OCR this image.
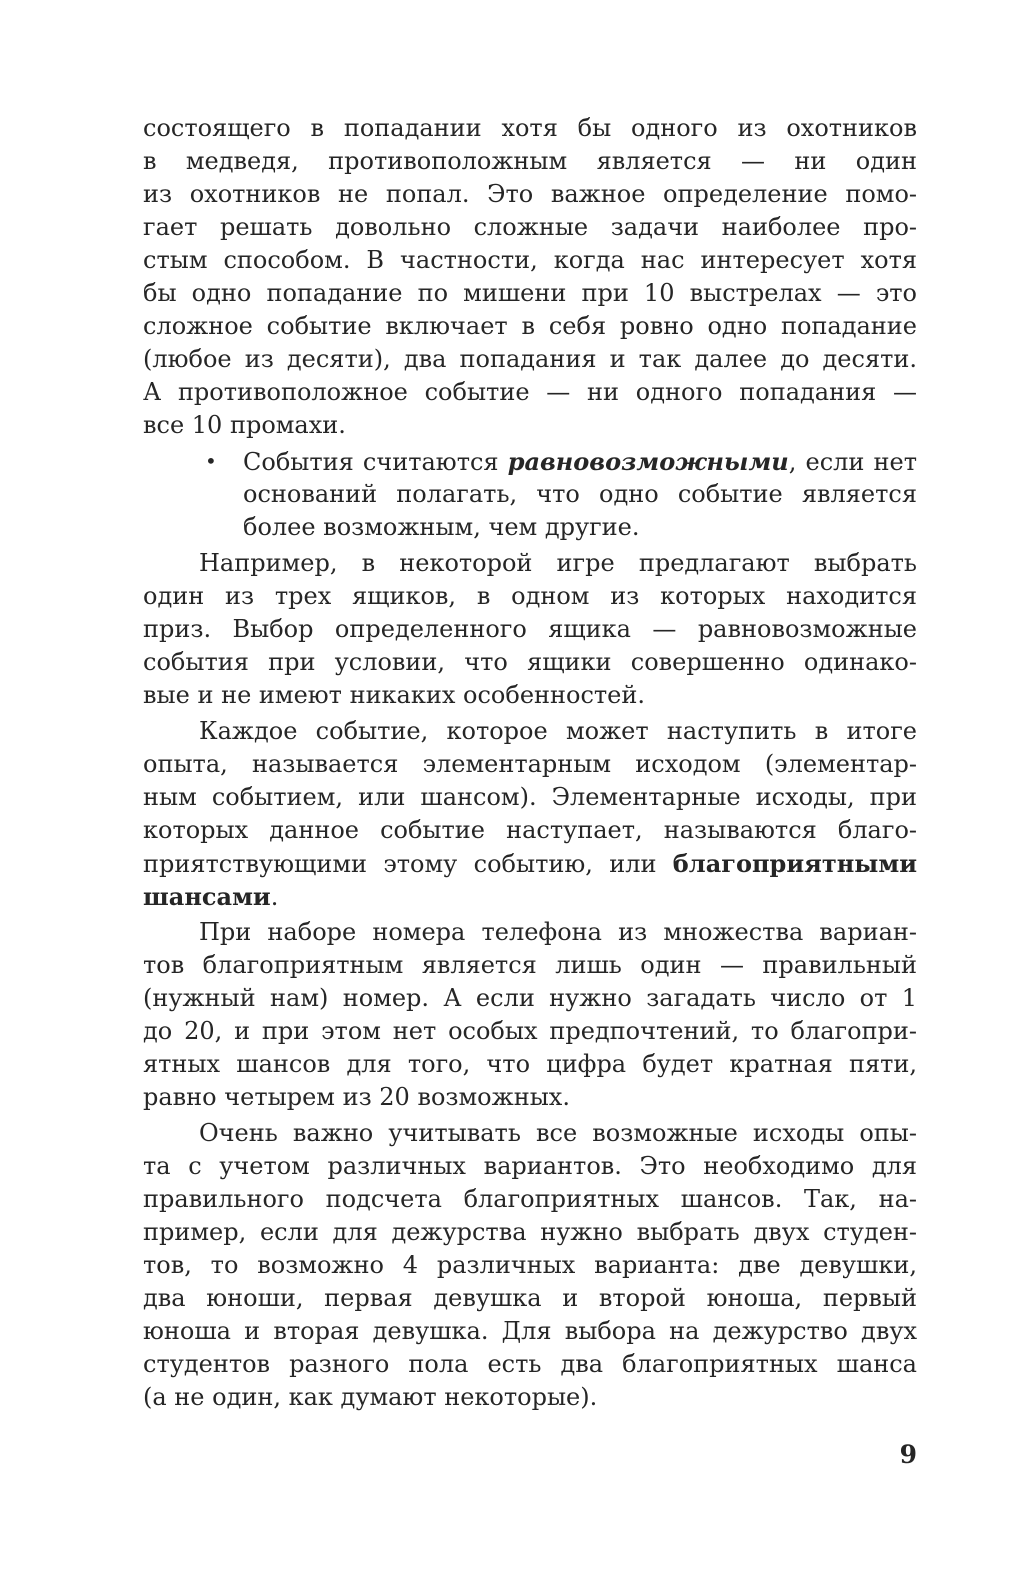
состоящего в попадании хотя бы одного из охотников
в медведя, противоположным является — ни один
из охотников не попал. Это важное определение помо-
гает решать довольно сложные задачи наиболее про-
стым способом. В частности, когда нас интересует хотя
бы одно попадание по мишени при 10 выстрелах — это
сложное событие включает в себя ровно одно попадание
(любое из десяти), два попадания и так далее до десяти.
А противоположное событие — ни одного попадания —
все 10 промахи.
• События считаются равновозможными, если нет
оснований полагать, что одно событие является
более возможным, чем другие.
Например, в некоторой игре предлагают выбрать
один из трех ящиков, в одном из которых находится
приз. Выбор определенного ящика — равновозможные
события при условии, что ящики совершенно одинако-
вые и не имеют никаких особенностей.
Каждое событие, которое может наступить в итоге
опыта, называется элементарным исходом (элементар-
ным событием, или шансом). Элементарные исходы, при
которых данное событие наступает, называются благо-
приятствующими этому событию, или благоприятными
шансами.
При наборе номера телефона из множества вариан-
тов благоприятным является лишь один — правильный
(нужный нам) номер. А если нужно загадать число от 1
до 20, и при этом нет особых предпочтений, то благопри-
ятных шансов для того, что цифра будет кратная пяти,
равно четырем из 20 возможных.
Очень важно учитывать все возможные исходы опы-
та с учетом различных вариантов. Это необходимо для
правильного подсчета благоприятных шансов. Так, на-
пример, если для дежурства нужно выбрать двух студен-
тов, то возможно 4 различных варианта: две девушки,
два юноши, первая девушка и второй юноша, первый
юноша и вторая девушка. Для выбора на дежурство двух
студентов разного пола есть два благоприятных шанса
(а не один, как думают некоторые).
9
